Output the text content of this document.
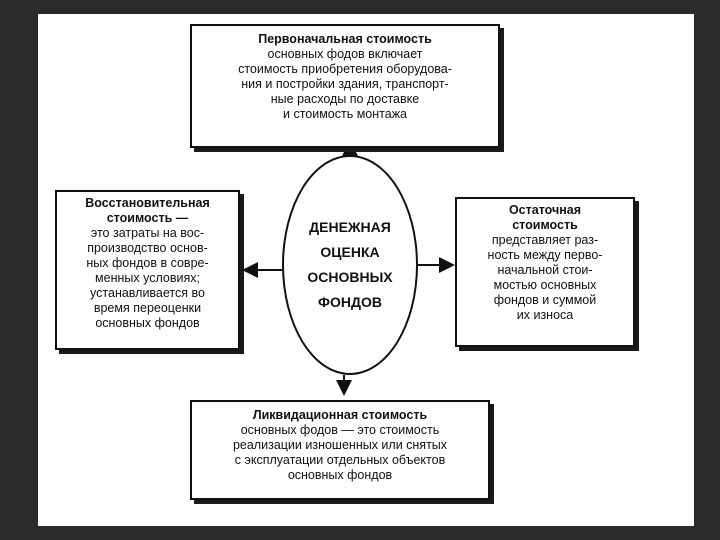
Первоначальная стоимость
основных фодов включает
стоимость приобретения оборудова-
ния и постройки здания, транспорт-
ные расходы по доставке
и стоимость монтажа
Восстановительная
стоимость —
это затраты на вос-
производство основ-
ных фондов в совре-
менных условиях;
устанавливается во
время переоценки
основных фондов
ДЕНЕЖНАЯ
ОЦЕНКА
ОСНОВНЫХ
ФОНДОВ
Остаточная
стоимость
представляет раз-
ность между перво-
начальной стои-
мостью основных
фондов и суммой
их износа
Ликвидационная стоимость
основных фодов — это стоимость
реализации изношенных или снятых
с эксплуатации отдельных объектов
основных фондов
